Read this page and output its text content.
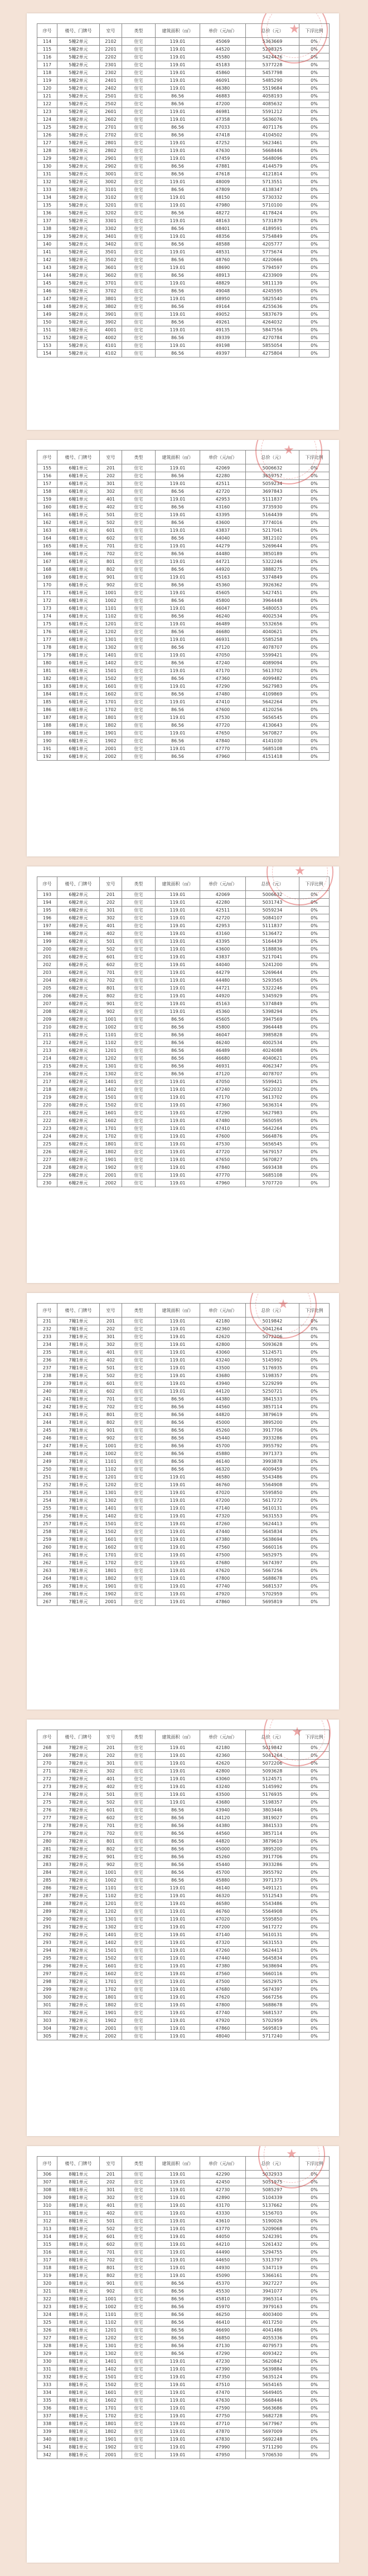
序号	楼号、门牌号	室号	类型	建筑面积（㎡）	单价（元/㎡）	总价（元）	下浮比例
114	5幢2单元	2102	住宅	119.01	45069	5363669	0%
115	5幢2单元	2201	住宅	119.01	44520	5298325	0%
116	5幢2单元	2202	住宅	119.01	45580	5424476	0%
117	5幢2单元	2301	住宅	119.01	45183	5377228	0%
118	5幢2单元	2302	住宅	119.01	45860	5457798	0%
119	5幢2单元	2401	住宅	119.01	46091	5485290	0%
120	5幢2单元	2402	住宅	119.01	46380	5519684	0%
121	5幢2单元	2501	住宅	86.56	46883	4058193	0%
122	5幢2单元	2502	住宅	86.56	47200	4085632	0%
123	5幢2单元	2601	住宅	119.01	46981	5591212	0%
124	5幢2单元	2602	住宅	119.01	47358	5636076	0%
125	5幢2单元	2701	住宅	86.56	47033	4071176	0%
126	5幢2单元	2702	住宅	86.56	47418	4104502	0%
127	5幢2单元	2801	住宅	119.01	47252	5623461	0%
128	5幢2单元	2802	住宅	119.01	47630	5668446	0%
129	5幢2单元	2901	住宅	119.01	47459	5648096	0%
130	5幢2单元	2902	住宅	86.56	47881	4144579	0%
131	5幢2单元	3001	住宅	86.56	47618	4121814	0%
132	5幢2单元	3002	住宅	119.01	48009	5713551	0%
133	5幢2单元	3101	住宅	86.56	47809	4138347	0%
134	5幢2单元	3102	住宅	119.01	48150	5730332	0%
135	5幢2单元	3201	住宅	119.01	47980	5710100	0%
136	5幢2单元	3202	住宅	86.56	48272	4178424	0%
137	5幢2单元	3301	住宅	119.01	48163	5731879	0%
138	5幢2单元	3302	住宅	86.56	48401	4189591	0%
139	5幢2单元	3401	住宅	119.01	48356	5754849	0%
140	5幢2单元	3402	住宅	86.56	48588	4205777	0%
141	5幢2单元	3501	住宅	119.01	48531	5775674	0%
142	5幢2单元	3502	住宅	86.56	48760	4220666	0%
143	5幢2单元	3601	住宅	119.01	48690	5794597	0%
144	5幢2单元	3602	住宅	86.56	48913	4233909	0%
145	5幢2单元	3701	住宅	119.01	48829	5811139	0%
146	5幢2单元	3702	住宅	86.56	49048	4245595	0%
147	5幢2单元	3801	住宅	119.01	48950	5825540	0%
148	5幢2单元	3802	住宅	86.56	49164	4255636	0%
149	5幢2单元	3901	住宅	119.01	49052	5837679	0%
150	5幢2单元	3902	住宅	86.56	49261	4264032	0%
151	5幢2单元	4001	住宅	119.01	49135	5847556	0%
152	5幢2单元	4002	住宅	86.56	49339	4270784	0%
153	5幢2单元	4101	住宅	119.01	49198	5855054	0%
154	5幢2单元	4102	住宅	86.56	49397	4275804	0%
★
序号	楼号、门牌号	室号	类型	建筑面积（㎡）	单价（元/㎡）	总价（元）	下浮比例
155	6幢1单元	201	住宅	119.01	42069	5006632	0%
156	6幢1单元	202	住宅	86.56	42280	3659757	0%
157	6幢1单元	301	住宅	119.01	42511	5059234	0%
158	6幢1单元	302	住宅	86.56	42720	3697843	0%
159	6幢1单元	401	住宅	119.01	42953	5111837	0%
160	6幢1单元	402	住宅	86.56	43160	3735930	0%
161	6幢1单元	501	住宅	119.01	43395	5164439	0%
162	6幢1单元	502	住宅	86.56	43600	3774016	0%
163	6幢1单元	601	住宅	119.01	43837	5217041	0%
164	6幢1单元	602	住宅	86.56	44040	3812102	0%
165	6幢1单元	701	住宅	119.01	44279	5269644	0%
166	6幢1单元	702	住宅	86.56	44480	3850189	0%
167	6幢1单元	801	住宅	119.01	44721	5322246	0%
168	6幢1单元	802	住宅	86.56	44920	3888275	0%
169	6幢1单元	901	住宅	119.01	45163	5374849	0%
170	6幢1单元	902	住宅	86.56	45360	3926362	0%
171	6幢1单元	1001	住宅	119.01	45605	5427451	0%
172	6幢1单元	1002	住宅	86.56	45800	3964448	0%
173	6幢1单元	1101	住宅	119.01	46047	5480053	0%
174	6幢1单元	1102	住宅	86.56	46240	4002534	0%
175	6幢1单元	1201	住宅	119.01	46489	5532656	0%
176	6幢1单元	1202	住宅	86.56	46680	4040621	0%
177	6幢1单元	1301	住宅	119.01	46931	5585258	0%
178	6幢1单元	1302	住宅	86.56	47120	4078707	0%
179	6幢1单元	1401	住宅	119.01	47050	5599421	0%
180	6幢1单元	1402	住宅	86.56	47240	4089094	0%
181	6幢1单元	1501	住宅	119.01	47170	5613702	0%
182	6幢1单元	1502	住宅	86.56	47360	4099482	0%
183	6幢1单元	1601	住宅	119.01	47290	5627983	0%
184	6幢1单元	1602	住宅	86.56	47480	4109869	0%
185	6幢1单元	1701	住宅	119.01	47410	5642264	0%
186	6幢1单元	1702	住宅	86.56	47600	4120256	0%
187	6幢1单元	1801	住宅	119.01	47530	5656545	0%
188	6幢1单元	1802	住宅	86.56	47720	4130643	0%
189	6幢1单元	1901	住宅	119.01	47650	5670827	0%
190	6幢1单元	1902	住宅	86.56	47840	4141030	0%
191	6幢1单元	2001	住宅	119.01	47770	5685108	0%
192	6幢1单元	2002	住宅	86.56	47960	4151418	0%
★
序号	楼号、门牌号	室号	类型	建筑面积（㎡）	单价（元/㎡）	总价（元）	下浮比例
193	6幢2单元	201	住宅	119.01	42069	5006632	0%
194	6幢2单元	202	住宅	119.01	42280	5031743	0%
195	6幢2单元	301	住宅	119.01	42511	5059234	0%
196	6幢2单元	302	住宅	119.01	42720	5084107	0%
197	6幢2单元	401	住宅	119.01	42953	5111837	0%
198	6幢2单元	402	住宅	119.01	43160	5136472	0%
199	6幢2单元	501	住宅	119.01	43395	5164439	0%
200	6幢2单元	502	住宅	119.01	43600	5188836	0%
201	6幢2单元	601	住宅	119.01	43837	5217041	0%
202	6幢2单元	602	住宅	119.01	44040	5241200	0%
203	6幢2单元	701	住宅	119.01	44279	5269644	0%
204	6幢2单元	702	住宅	119.01	44480	5293565	0%
205	6幢2单元	801	住宅	119.01	44721	5322246	0%
206	6幢2单元	802	住宅	119.01	44920	5345929	0%
207	6幢2单元	901	住宅	119.01	45163	5374849	0%
208	6幢2单元	902	住宅	119.01	45360	5398294	0%
209	6幢2单元	1001	住宅	86.56	45605	3947569	0%
210	6幢2单元	1002	住宅	86.56	45800	3964448	0%
211	6幢2单元	1101	住宅	86.56	46047	3985828	0%
212	6幢2单元	1102	住宅	86.56	46240	4002534	0%
213	6幢2单元	1201	住宅	86.56	46489	4024088	0%
214	6幢2单元	1202	住宅	86.56	46680	4040621	0%
215	6幢2单元	1301	住宅	86.56	46931	4062347	0%
216	6幢2单元	1302	住宅	86.56	47120	4078707	0%
217	6幢2单元	1401	住宅	119.01	47050	5599421	0%
218	6幢2单元	1402	住宅	119.01	47240	5622032	0%
219	6幢2单元	1501	住宅	119.01	47170	5613702	0%
220	6幢2单元	1502	住宅	119.01	47360	5636314	0%
221	6幢2单元	1601	住宅	119.01	47290	5627983	0%
222	6幢2单元	1602	住宅	119.01	47480	5650595	0%
223	6幢2单元	1701	住宅	119.01	47410	5642264	0%
224	6幢2单元	1702	住宅	119.01	47600	5664876	0%
225	6幢2单元	1801	住宅	119.01	47530	5656545	0%
226	6幢2单元	1802	住宅	119.01	47720	5679157	0%
227	6幢2单元	1901	住宅	119.01	47650	5670827	0%
228	6幢2单元	1902	住宅	119.01	47840	5693438	0%
229	6幢2单元	2001	住宅	119.01	47770	5685108	0%
230	6幢2单元	2002	住宅	119.01	47960	5707720	0%
★
序号	楼号、门牌号	室号	类型	建筑面积（㎡）	单价（元/㎡）	总价（元）	下浮比例
231	7幢1单元	201	住宅	119.01	42180	5019842	0%
232	7幢1单元	202	住宅	119.01	42360	5041264	0%
233	7幢1单元	301	住宅	119.01	42620	5072206	0%
234	7幢1单元	302	住宅	119.01	42800	5093628	0%
235	7幢1单元	401	住宅	119.01	43060	5124571	0%
236	7幢1单元	402	住宅	119.01	43240	5145992	0%
237	7幢1单元	501	住宅	119.01	43500	5176935	0%
238	7幢1单元	502	住宅	119.01	43680	5198357	0%
239	7幢1单元	601	住宅	119.01	43940	5229299	0%
240	7幢1单元	602	住宅	119.01	44120	5250721	0%
241	7幢1单元	701	住宅	86.56	44380	3841533	0%
242	7幢1单元	702	住宅	86.56	44560	3857114	0%
243	7幢1单元	801	住宅	86.56	44820	3879619	0%
244	7幢1单元	802	住宅	86.56	45000	3895200	0%
245	7幢1单元	901	住宅	86.56	45260	3917706	0%
246	7幢1单元	902	住宅	86.56	45440	3933286	0%
247	7幢1单元	1001	住宅	86.56	45700	3955792	0%
248	7幢1单元	1002	住宅	86.56	45880	3971373	0%
249	7幢1单元	1101	住宅	86.56	46140	3993878	0%
250	7幢1单元	1102	住宅	86.56	46320	4009459	0%
251	7幢1单元	1201	住宅	119.01	46580	5543486	0%
252	7幢1单元	1202	住宅	119.01	46760	5564908	0%
253	7幢1单元	1301	住宅	119.01	47020	5595850	0%
254	7幢1单元	1302	住宅	119.01	47200	5617272	0%
255	7幢1单元	1401	住宅	119.01	47140	5610131	0%
256	7幢1单元	1402	住宅	119.01	47320	5631553	0%
257	7幢1单元	1501	住宅	119.01	47260	5624413	0%
258	7幢1单元	1502	住宅	119.01	47440	5645834	0%
259	7幢1单元	1601	住宅	119.01	47380	5638694	0%
260	7幢1单元	1602	住宅	119.01	47560	5660116	0%
261	7幢1单元	1701	住宅	119.01	47500	5652975	0%
262	7幢1单元	1702	住宅	119.01	47680	5674397	0%
263	7幢1单元	1801	住宅	119.01	47620	5667256	0%
264	7幢1单元	1802	住宅	119.01	47800	5688678	0%
265	7幢1单元	1901	住宅	119.01	47740	5681537	0%
266	7幢1单元	1902	住宅	119.01	47920	5702959	0%
267	7幢1单元	2001	住宅	119.01	47860	5695819	0%
★
序号	楼号、门牌号	室号	类型	建筑面积（㎡）	单价（元/㎡）	总价（元）	下浮比例
268	7幢2单元	201	住宅	119.01	42180	5019842	0%
269	7幢2单元	202	住宅	119.01	42360	5041264	0%
270	7幢2单元	301	住宅	119.01	42620	5072206	0%
271	7幢2单元	302	住宅	119.01	42800	5093628	0%
272	7幢2单元	401	住宅	119.01	43060	5124571	0%
273	7幢2单元	402	住宅	119.01	43240	5145992	0%
274	7幢2单元	501	住宅	119.01	43500	5176935	0%
275	7幢2单元	502	住宅	119.01	43680	5198357	0%
276	7幢2单元	601	住宅	86.56	43940	3803446	0%
277	7幢2单元	602	住宅	86.56	44120	3819027	0%
278	7幢2单元	701	住宅	86.56	44380	3841533	0%
279	7幢2单元	702	住宅	86.56	44560	3857114	0%
280	7幢2单元	801	住宅	86.56	44820	3879619	0%
281	7幢2单元	802	住宅	86.56	45000	3895200	0%
282	7幢2单元	901	住宅	86.56	45260	3917706	0%
283	7幢2单元	902	住宅	86.56	45440	3933286	0%
284	7幢2单元	1001	住宅	86.56	45700	3955792	0%
285	7幢2单元	1002	住宅	86.56	45880	3971373	0%
286	7幢2单元	1101	住宅	119.01	46140	5491121	0%
287	7幢2单元	1102	住宅	119.01	46320	5512543	0%
288	7幢2单元	1201	住宅	119.01	46580	5543486	0%
289	7幢2单元	1202	住宅	119.01	46760	5564908	0%
290	7幢2单元	1301	住宅	119.01	47020	5595850	0%
291	7幢2单元	1302	住宅	119.01	47200	5617272	0%
292	7幢2单元	1401	住宅	119.01	47140	5610131	0%
293	7幢2单元	1402	住宅	119.01	47320	5631553	0%
294	7幢2单元	1501	住宅	119.01	47260	5624413	0%
295	7幢2单元	1502	住宅	119.01	47440	5645834	0%
296	7幢2单元	1601	住宅	119.01	47380	5638694	0%
297	7幢2单元	1602	住宅	119.01	47560	5660116	0%
298	7幢2单元	1701	住宅	119.01	47500	5652975	0%
299	7幢2单元	1702	住宅	119.01	47680	5674397	0%
300	7幢2单元	1801	住宅	119.01	47620	5667256	0%
301	7幢2单元	1802	住宅	119.01	47800	5688678	0%
302	7幢2单元	1901	住宅	119.01	47740	5681537	0%
303	7幢2单元	1902	住宅	119.01	47920	5702959	0%
304	7幢2单元	2001	住宅	119.01	47860	5695819	0%
305	7幢2单元	2002	住宅	119.01	48040	5717240	0%
★
序号	楼号、门牌号	室号	类型	建筑面积（㎡）	单价（元/㎡）	总价（元）	下浮比例
306	8幢1单元	201	住宅	119.01	42290	5032933	0%
307	8幢1单元	202	住宅	119.01	42450	5051975	0%
308	8幢1单元	301	住宅	119.01	42730	5085297	0%
309	8幢1单元	302	住宅	119.01	42890	5104339	0%
310	8幢1单元	401	住宅	119.01	43170	5137662	0%
311	8幢1单元	402	住宅	119.01	43330	5156703	0%
312	8幢1单元	501	住宅	119.01	43610	5190026	0%
313	8幢1单元	502	住宅	119.01	43770	5209068	0%
314	8幢1单元	601	住宅	119.01	44050	5242391	0%
315	8幢1单元	602	住宅	119.01	44210	5261432	0%
316	8幢1单元	701	住宅	119.01	44490	5294755	0%
317	8幢1单元	702	住宅	119.01	44650	5313797	0%
318	8幢1单元	801	住宅	119.01	44930	5347119	0%
319	8幢1单元	802	住宅	119.01	45090	5366161	0%
320	8幢1单元	901	住宅	86.56	45370	3927227	0%
321	8幢1单元	902	住宅	86.56	45530	3941077	0%
322	8幢1单元	1001	住宅	86.56	45810	3965314	0%
323	8幢1单元	1002	住宅	86.56	45970	3979163	0%
324	8幢1单元	1101	住宅	86.56	46250	4003400	0%
325	8幢1单元	1102	住宅	86.56	46410	4017250	0%
326	8幢1单元	1201	住宅	86.56	46690	4041486	0%
327	8幢1单元	1202	住宅	86.56	46850	4055336	0%
328	8幢1单元	1301	住宅	86.56	47130	4079573	0%
329	8幢1单元	1302	住宅	86.56	47290	4093422	0%
330	8幢1单元	1401	住宅	119.01	47230	5620842	0%
331	8幢1单元	1402	住宅	119.01	47390	5639884	0%
332	8幢1单元	1501	住宅	119.01	47350	5635124	0%
333	8幢1单元	1502	住宅	119.01	47510	5654165	0%
334	8幢1单元	1601	住宅	119.01	47470	5649405	0%
335	8幢1单元	1602	住宅	119.01	47630	5668446	0%
336	8幢1单元	1701	住宅	119.01	47590	5663686	0%
337	8幢1单元	1702	住宅	119.01	47750	5682728	0%
338	8幢1单元	1801	住宅	119.01	47710	5677967	0%
339	8幢1单元	1802	住宅	119.01	47870	5697009	0%
340	8幢1单元	1901	住宅	119.01	47830	5692248	0%
341	8幢1单元	1902	住宅	119.01	47990	5711290	0%
342	8幢1单元	2001	住宅	119.01	47950	5706530	0%
★
